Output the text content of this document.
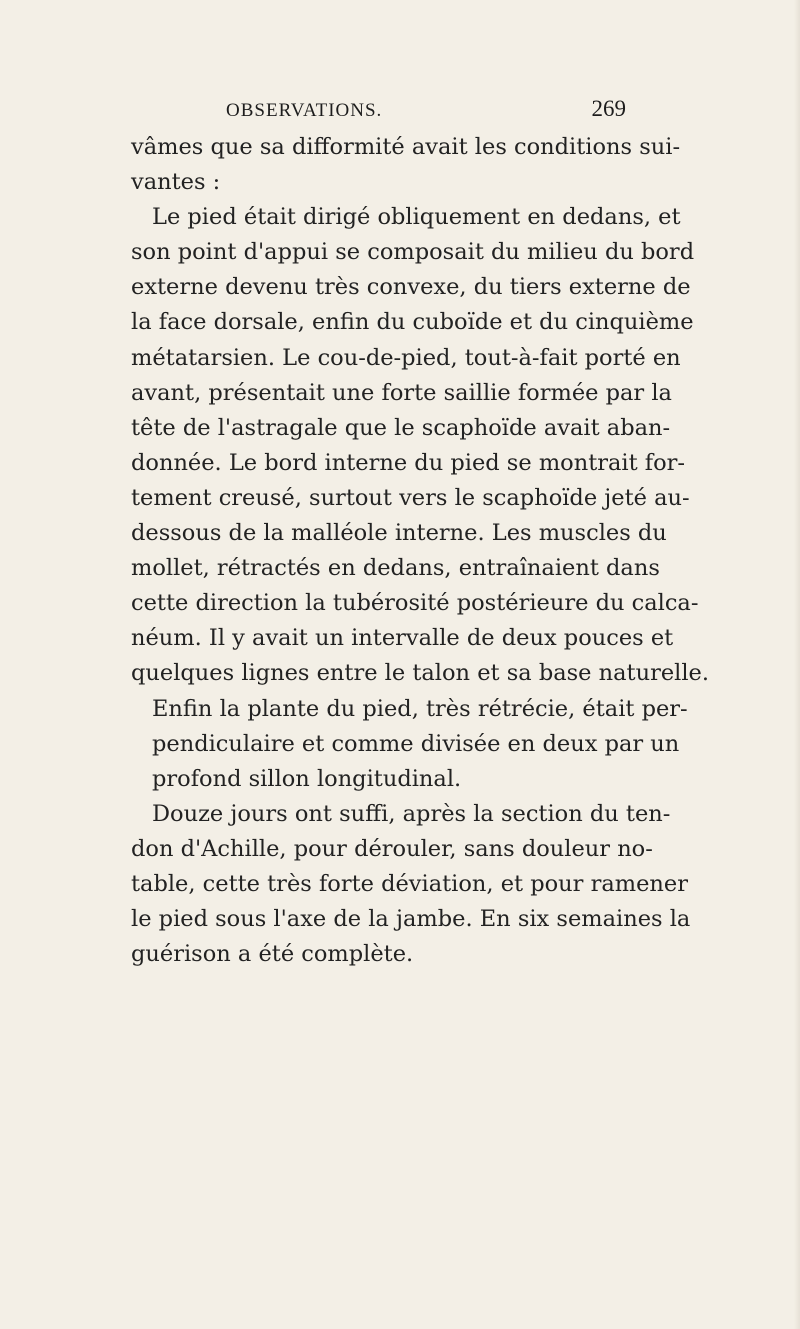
OBSERVATIONS.	269
vâmes que sa difformité avait les conditions sui-
vantes :
Le pied était dirigé obliquement en dedans, et
son point d'appui se composait du milieu du bord
externe devenu très convexe, du tiers externe de
la face dorsale, enfin du cuboïde et du cinquième
métatarsien. Le cou-de-pied, tout-à-fait porté en
avant, présentait une forte saillie formée par la
tête de l'astragale que le scaphoïde avait aban-
donnée. Le bord interne du pied se montrait for-
tement creusé, surtout vers le scaphoïde jeté au-
dessous de la malléole interne. Les muscles du
mollet, rétractés en dedans, entraînaient dans
cette direction la tubérosité postérieure du calca-
néum. Il y avait un intervalle de deux pouces et
quelques lignes entre le talon et sa base naturelle.
Enfin la plante du pied, très rétrécie, était per-
pendiculaire et comme divisée en deux par un
profond sillon longitudinal.
Douze jours ont suffi, après la section du ten-
don d'Achille, pour dérouler, sans douleur no-
table, cette très forte déviation, et pour ramener
le pied sous l'axe de la jambe. En six semaines la
guérison a été complète.
